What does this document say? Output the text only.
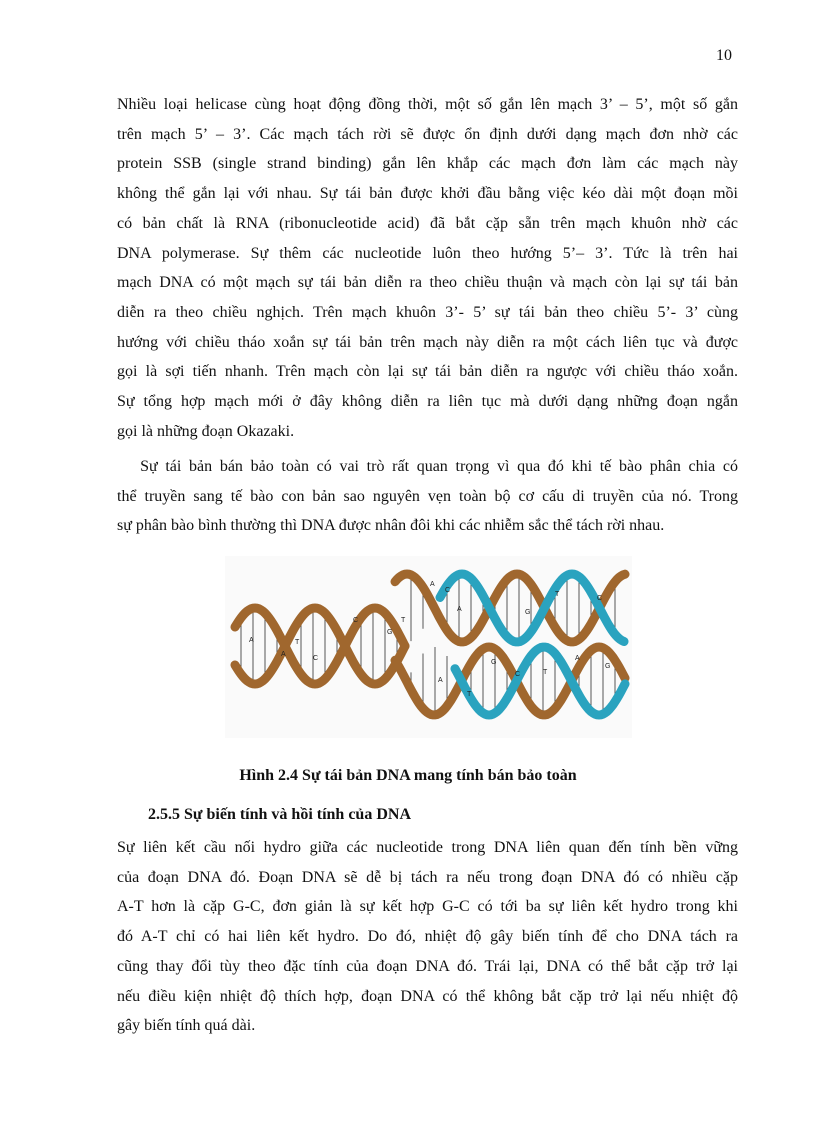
10
Nhiều loại helicase cùng hoạt động đồng thời, một số gắn lên mạch 3’ – 5’, một số gắn
trên mạch 5’ – 3’. Các mạch tách rời sẽ được ổn định dưới dạng mạch đơn nhờ các
protein SSB (single strand binding) gắn lên khắp các mạch đơn làm các mạch này
không thể gắn lại với nhau. Sự tái bản được khởi đầu bằng việc kéo dài một đoạn mồi
có bản chất là RNA (ribonucleotide acid) đã bắt cặp sẵn trên mạch khuôn nhờ các
DNA polymerase. Sự thêm các nucleotide luôn theo hướng 5’– 3’. Tức là trên hai
mạch DNA có một mạch sự tái bản diễn ra theo chiều thuận và mạch còn lại sự tái bản
diễn ra theo chiều nghịch. Trên mạch khuôn 3’- 5’ sự tái bản theo chiều 5’- 3’ cùng
hướng với chiều tháo xoắn sự tái bản trên mạch này diễn ra một cách liên tục và được
gọi là sợi tiến nhanh. Trên mạch còn lại sự tái bản diễn ra ngược với chiều tháo xoắn.
Sự tổng hợp mạch mới ở đây không diễn ra liên tục mà dưới dạng những đoạn ngắn
gọi là những đoạn Okazaki.
Sự tái bản bán bảo toàn có vai trò rất quan trọng vì qua đó khi tế bào phân chia có
thể truyền sang tế bào con bản sao nguyên vẹn toàn bộ cơ cấu di truyền của nó. Trong
sự phân bào bình thường thì DNA được nhân đôi khi các nhiễm sắc thể tách rời nhau.
A
C
A
T
G
C
T
A
A
T
G
C
A
T
G
C	T
A
G
C
Hình 2.4 Sự tái bản DNA mang tính bán bảo toàn
2.5.5 Sự biến tính và hồi tính của DNA
Sự liên kết cầu nối hydro giữa các nucleotide trong DNA liên quan đến tính bền vững
của đoạn DNA đó. Đoạn DNA sẽ dễ bị tách ra nếu trong đoạn DNA đó có nhiều cặp
A-T hơn là cặp G-C, đơn giản là sự kết hợp G-C có tới ba sự liên kết hydro trong khi
đó A-T chỉ có hai liên kết hydro. Do đó, nhiệt độ gây biến tính để cho DNA tách ra
cũng thay đổi tùy theo đặc tính của đoạn DNA đó. Trái lại, DNA có thể bắt cặp trở lại
nếu điều kiện nhiệt độ thích hợp, đoạn DNA có thể không bắt cặp trở lại nếu nhiệt độ
gây biến tính quá dài.
